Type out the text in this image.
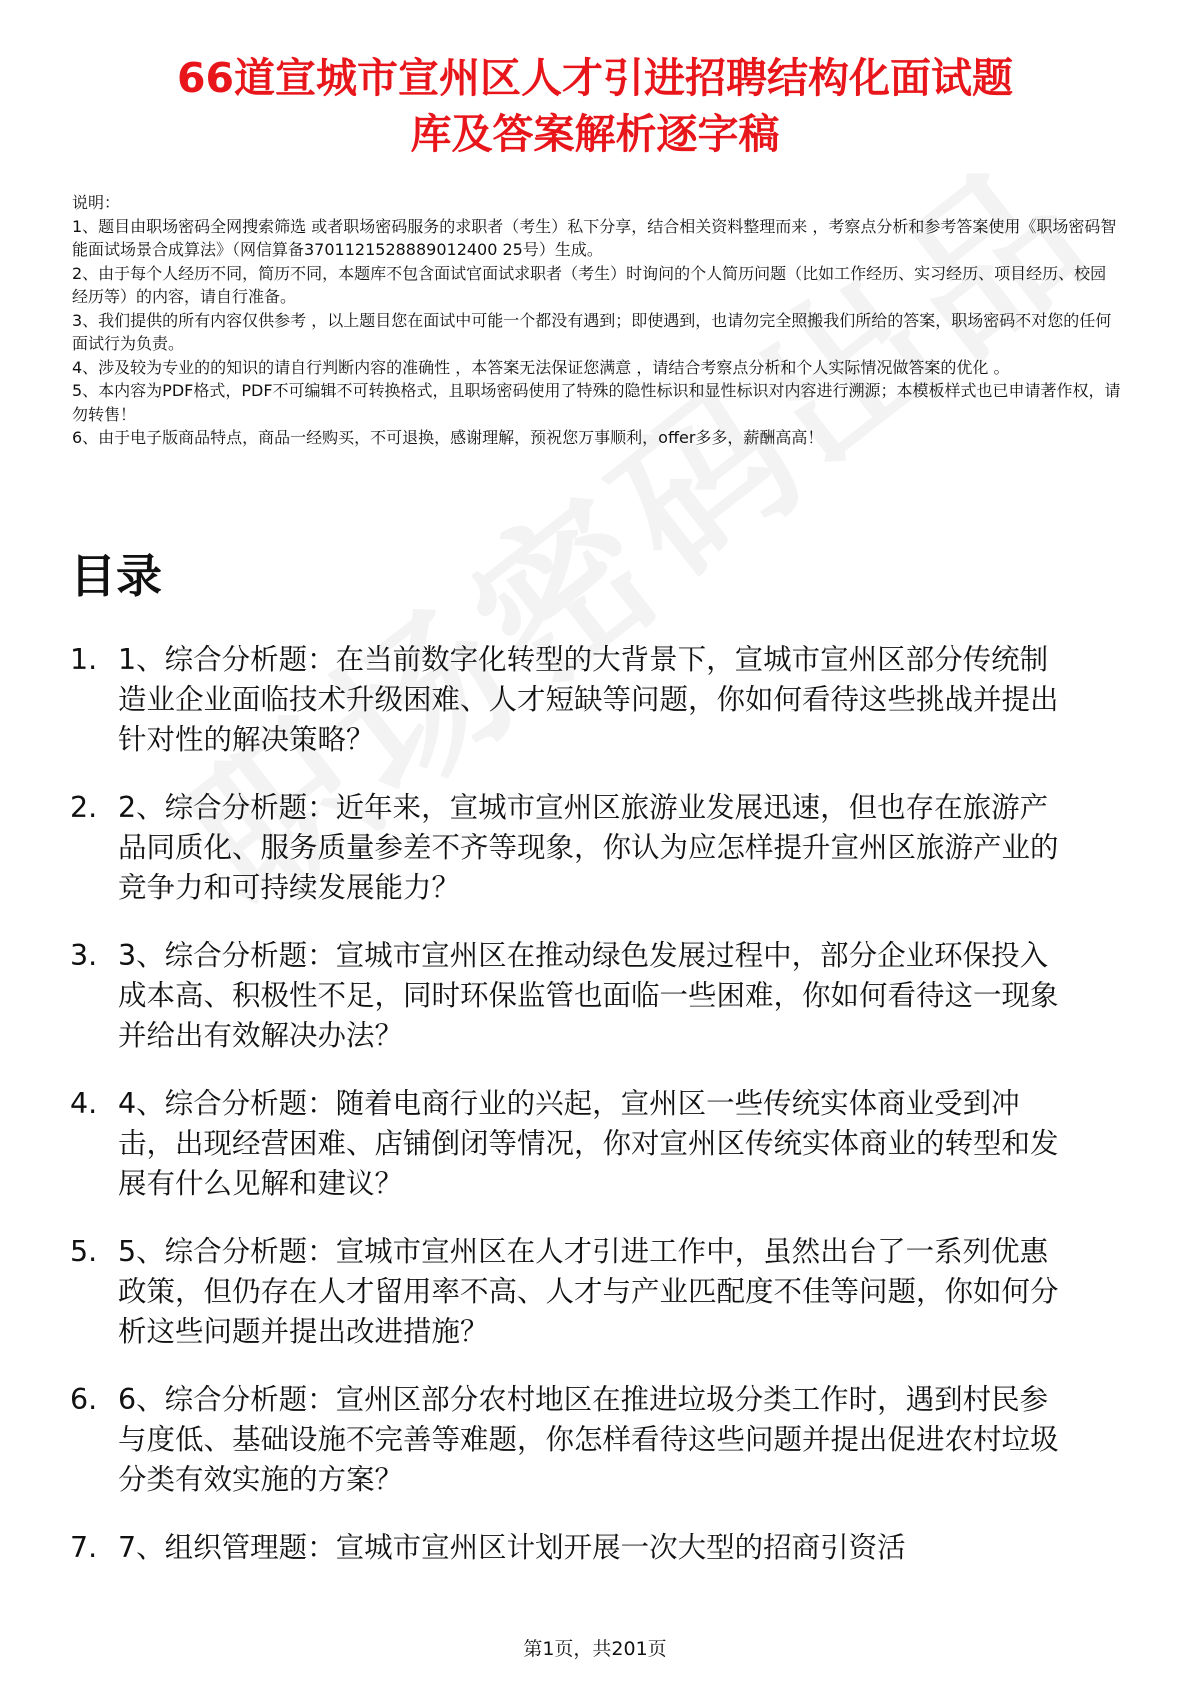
66道宣城市宣州区人才引进招聘结构化面试题
库及答案解析逐字稿

说明：

1、题目由职场密码全网搜索筛选 或者职场密码服务的求职者（考生）私下分享，结合相关资料整理而来 ，考察点分析和参考答案使用《职场密码智能面试场景合成算法》（网信算备3701121528889012400 25号）生成。

2、由于每个人经历不同，简历不同，本题库不包含面试官面试求职者（考生）时询问的个人简历问题（比如工作经历、实习经历、项目经历、校园经历等）的内容，请自行准备。

3、我们提供的所有内容仅供参考 ，以上题目您在面试中可能一个都没有遇到；即使遇到，也请勿完全照搬我们所给的答案，职场密码不对您的任何面试行为负责。

4、涉及较为专业的的知识的请自行判断内容的准确性 ，本答案无法保证您满意 ，请结合考察点分析和个人实际情况做答案的优化 。

5、本内容为PDF格式，PDF不可编辑不可转换格式，且职场密码使用了特殊的隐性标识和显性标识对内容进行溯源；本模板样式也已申请著作权，请勿转售！

6、由于电子版商品特点，商品一经购买，不可退换，感谢理解，预祝您万事顺利，offer多多，薪酬高高！

目录
1. 1、综合分析题：在当前数字化转型的大背景下，宣城市宣州区部分传统制造业企业面临技术升级困难、人才短缺等问题，你如何看待这些挑战并提出针对性的解决策略？
2. 2、综合分析题：近年来，宣城市宣州区旅游业发展迅速，但也存在旅游产品同质化、服务质量参差不齐等现象，你认为应怎样提升宣州区旅游产业的竞争力和可持续发展能力？
3. 3、综合分析题：宣城市宣州区在推动绿色发展过程中，部分企业环保投入成本高、积极性不足，同时环保监管也面临一些困难，你如何看待这一现象并给出有效解决办法？
4. 4、综合分析题：随着电商行业的兴起，宣州区一些传统实体商业受到冲击，出现经营困难、店铺倒闭等情况，你对宣州区传统实体商业的转型和发展有什么见解和建议？
5. 5、综合分析题：宣城市宣州区在人才引进工作中，虽然出台了一系列优惠政策，但仍存在人才留用率不高、人才与产业匹配度不佳等问题，你如何分析这些问题并提出改进措施？
6. 6、综合分析题：宣州区部分农村地区在推进垃圾分类工作时，遇到村民参与度低、基础设施不完善等难题，你怎样看待这些问题并提出促进农村垃圾分类有效实施的方案？
7. 7、组织管理题：宣城市宣州区计划开展一次大型的招商引资活
第1页，共201页
